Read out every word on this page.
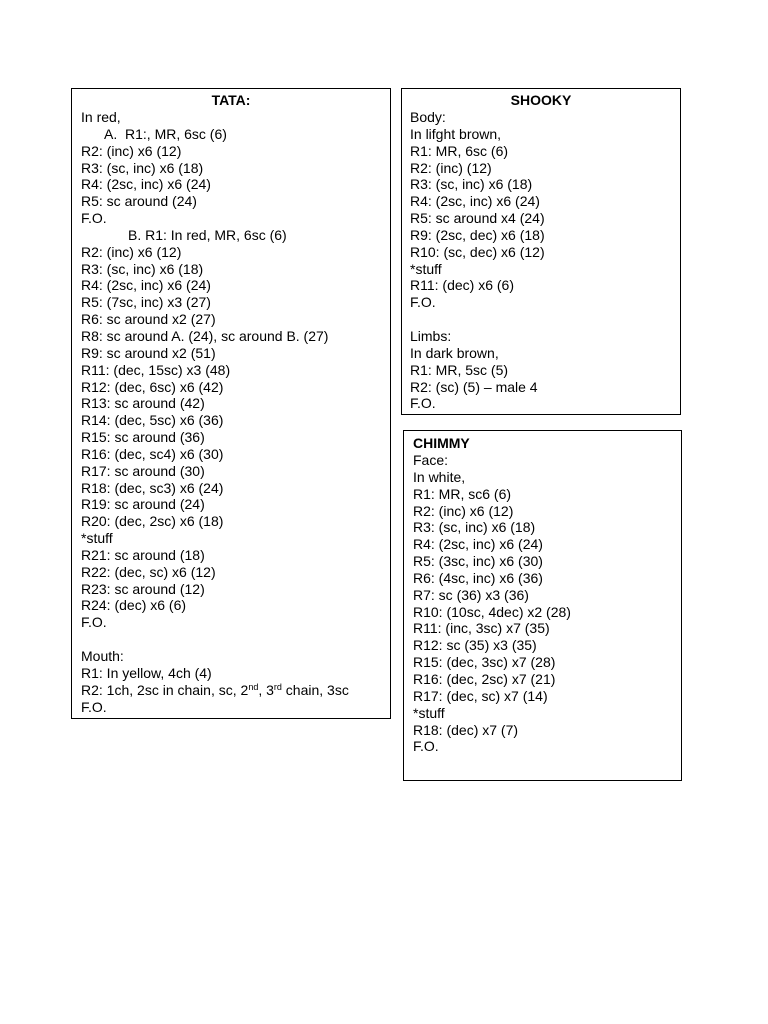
TATA:
In red,
A.  R1:, MR, 6sc (6)
R2: (inc) x6 (12)
R3: (sc, inc) x6 (18)
R4: (2sc, inc) x6 (24)
R5: sc around (24)
F.O.
B. R1: In red, MR, 6sc (6)
R2: (inc) x6 (12)
R3: (sc, inc) x6 (18)
R4: (2sc, inc) x6 (24)
R5: (7sc, inc) x3 (27)
R6: sc around x2 (27)
R8: sc around A. (24), sc around B. (27)
R9: sc around x2 (51)
R11: (dec, 15sc) x3 (48)
R12: (dec, 6sc) x6 (42)
R13: sc around (42)
R14: (dec, 5sc) x6 (36)
R15: sc around (36)
R16: (dec, sc4) x6 (30)
R17: sc around (30)
R18: (dec, sc3) x6 (24)
R19: sc around (24)
R20: (dec, 2sc) x6 (18)
*stuff
R21: sc around (18)
R22: (dec, sc) x6 (12)
R23: sc around (12)
R24: (dec) x6 (6)
F.O.

Mouth:
R1: In yellow, 4ch (4)
R2: 1ch, 2sc in chain, sc, 2nd, 3rd chain, 3sc
F.O.
SHOOKY
Body:
In lifght brown,
R1: MR, 6sc (6)
R2: (inc) (12)
R3: (sc, inc) x6 (18)
R4: (2sc, inc) x6 (24)
R5: sc around x4 (24)
R9: (2sc, dec) x6 (18)
R10: (sc, dec) x6 (12)
*stuff
R11: (dec) x6 (6)
F.O.

Limbs:
In dark brown,
R1: MR, 5sc (5)
R2: (sc) (5) – male 4
F.O.
CHIMMY
Face:
In white,
R1: MR, sc6 (6)
R2: (inc) x6 (12)
R3: (sc, inc) x6 (18)
R4: (2sc, inc) x6 (24)
R5: (3sc, inc) x6 (30)
R6: (4sc, inc) x6 (36)
R7: sc (36) x3 (36)
R10: (10sc, 4dec) x2 (28)
R11: (inc, 3sc) x7 (35)
R12: sc (35) x3 (35)
R15: (dec, 3sc) x7 (28)
R16: (dec, 2sc) x7 (21)
R17: (dec, sc) x7 (14)
*stuff
R18: (dec) x7 (7)
F.O.
